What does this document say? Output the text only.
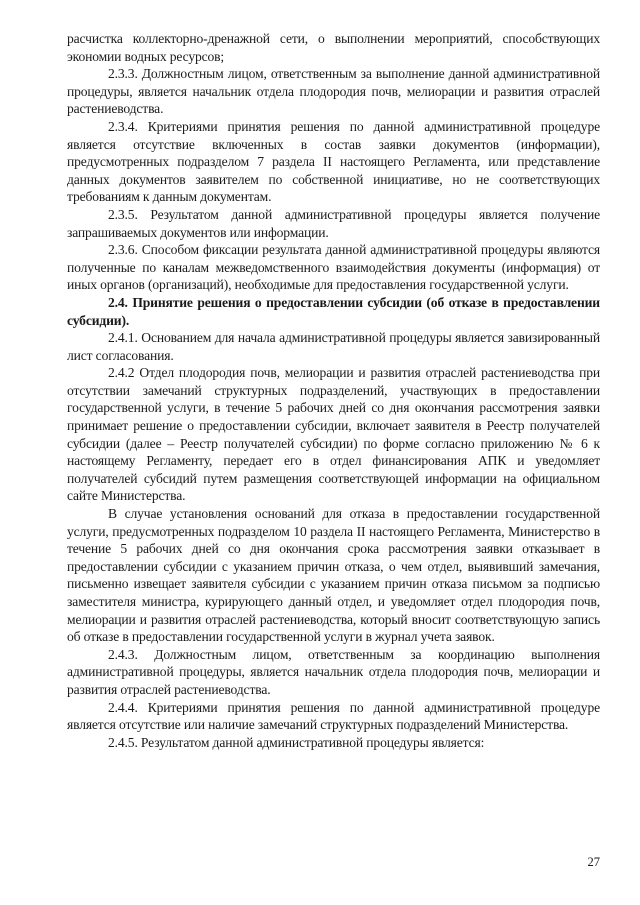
расчистка коллекторно-дренажной сети, о выполнении мероприятий, способствующих экономии водных ресурсов;

2.3.3. Должностным лицом, ответственным за выполнение данной административной процедуры, является начальник отдела плодородия почв, мелиорации и развития отраслей растениеводства.

2.3.4. Критериями принятия решения по данной административной процедуре является отсутствие включенных в состав заявки документов (информации), предусмотренных подразделом 7 раздела II настоящего Регламента, или представление данных документов заявителем по собственной инициативе, но не соответствующих требованиям к данным документам.

2.3.5. Результатом данной административной процедуры является получение запрашиваемых документов или информации.

2.3.6. Способом фиксации результата данной административной процедуры являются полученные по каналам межведомственного взаимодействия документы (информация) от иных органов (организаций), необходимые для предоставления государственной услуги.

2.4. Принятие решения о предоставлении субсидии (об отказе в предоставлении субсидии).

2.4.1. Основанием для начала административной процедуры является завизированный лист согласования.

2.4.2 Отдел плодородия почв, мелиорации и развития отраслей растениеводства при отсутствии замечаний структурных подразделений, участвующих в предоставлении государственной услуги, в течение 5 рабочих дней со дня окончания рассмотрения заявки принимает решение о предоставлении субсидии, включает заявителя в Реестр получателей субсидии (далее – Реестр получателей субсидии) по форме согласно приложению № 6 к настоящему Регламенту, передает его в отдел финансирования АПК и уведомляет получателей субсидий путем размещения соответствующей информации на официальном сайте Министерства.

В случае установления оснований для отказа в предоставлении государственной услуги, предусмотренных подразделом 10 раздела II настоящего Регламента, Министерство в течение 5 рабочих дней со дня окончания срока рассмотрения заявки отказывает в предоставлении субсидии с указанием причин отказа, о чем отдел, выявивший замечания, письменно извещает заявителя субсидии с указанием причин отказа письмом за подписью заместителя министра, курирующего данный отдел, и уведомляет отдел плодородия почв, мелиорации и развития отраслей растениеводства, который вносит соответствующую запись об отказе в предоставлении государственной услуги в журнал учета заявок.

2.4.3. Должностным лицом, ответственным за координацию выполнения административной процедуры, является начальник отдела плодородия почв, мелиорации и развития отраслей растениеводства.

2.4.4. Критериями принятия решения по данной административной процедуре является отсутствие или наличие замечаний структурных подразделений Министерства.

2.4.5. Результатом данной административной процедуры является:

27
